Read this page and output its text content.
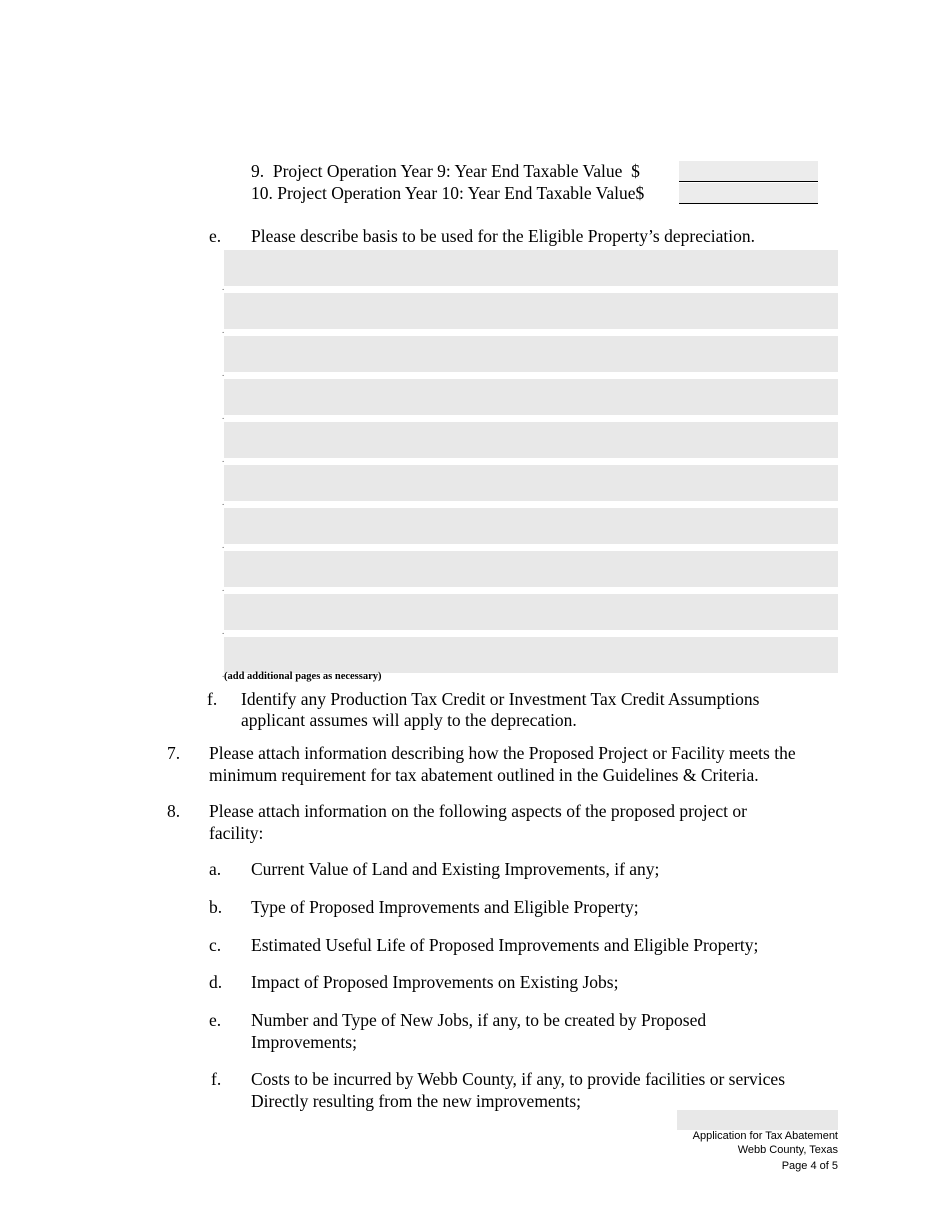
9.  Project Operation Year 9: Year End Taxable Value  $
10. Project Operation Year 10: Year End Taxable Value$
e. Please describe basis to be used for the Eligible Property’s depreciation.
.
.
.
.
.
.
.
.
.
.
(add additional pages as necessary)
f. Identify any Production Tax Credit or Investment Tax Credit Assumptions
applicant assumes will apply to the deprecation.
7. Please attach information describing how the Proposed Project or Facility meets the
minimum requirement for tax abatement outlined in the Guidelines & Criteria.
8. Please attach information on the following aspects of the proposed project or
facility:
a. Current Value of Land and Existing Improvements, if any;
b. Type of Proposed Improvements and Eligible Property;
c. Estimated Useful Life of Proposed Improvements and Eligible Property;
d. Impact of Proposed Improvements on Existing Jobs;
e. Number and Type of New Jobs, if any, to be created by Proposed
Improvements;
f. Costs to be incurred by Webb County, if any, to provide facilities or services
Directly resulting from the new improvements;
Application for Tax Abatement
Webb County, Texas
Page 4 of 5
